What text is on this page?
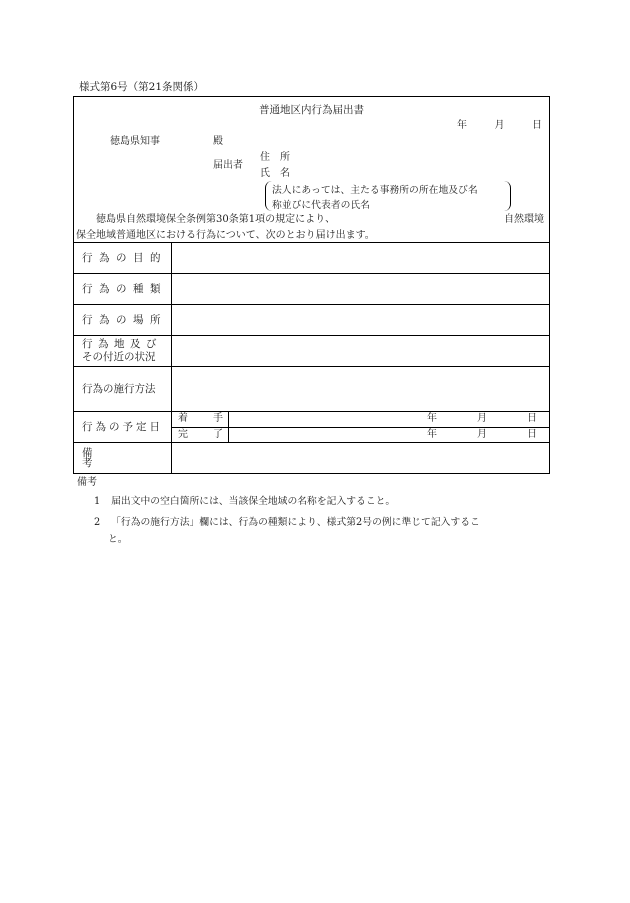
様式第6号（第21条関係）
普通地区内行為届出書
年	月	日
徳島県知事	殿
届出者
住　所
氏　名
法人にあっては、主たる事務所の所在地及び名
称並びに代表者の氏名
徳島県自然環境保全条例第30条第1項の規定により、	自然環境
保全地域普通地区における行為について、次のとおり届け出ます。
行為の目的
行為の種類
行為の場所
行為地及び
その付近の状況
行為の施行方法
行為の予定日
着	手	年	月	日
完	了	年	月	日
備　考
備考
1 届出文中の空白箇所には、当該保全地域の名称を記入すること。
2 「行為の施行方法」欄には、行為の種類により、様式第2号の例に準じて記入するこ
と。
